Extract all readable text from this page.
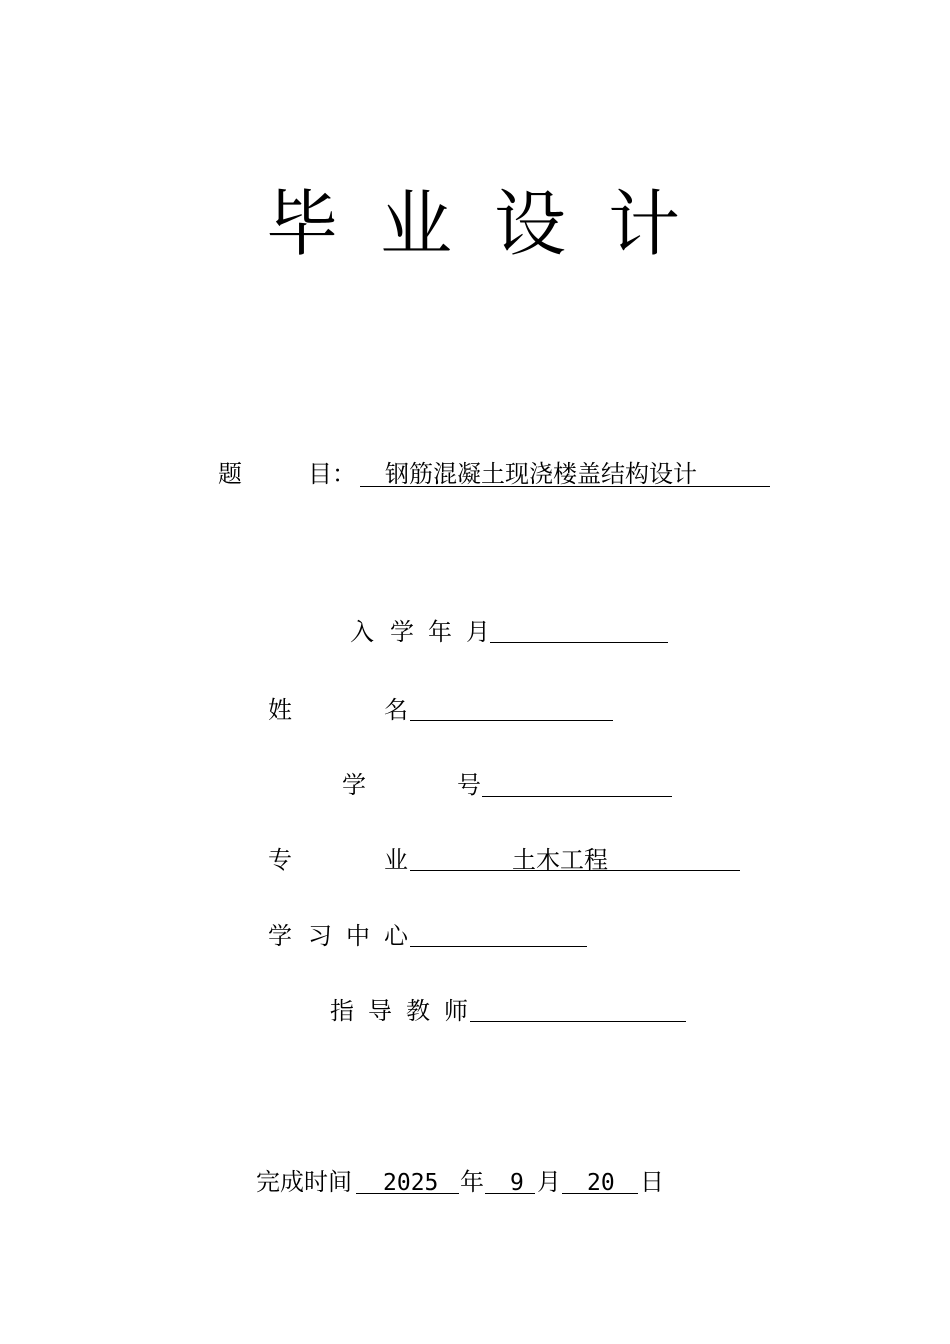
毕 业 设 计
题	目： 钢筋混凝土现浇楼盖结构设计
入 学 年 月
姓	名
学	号
专	业	土木工程
学 习 中 心
指 导 教 师
完成时间 2025 年 9 月 20 日
